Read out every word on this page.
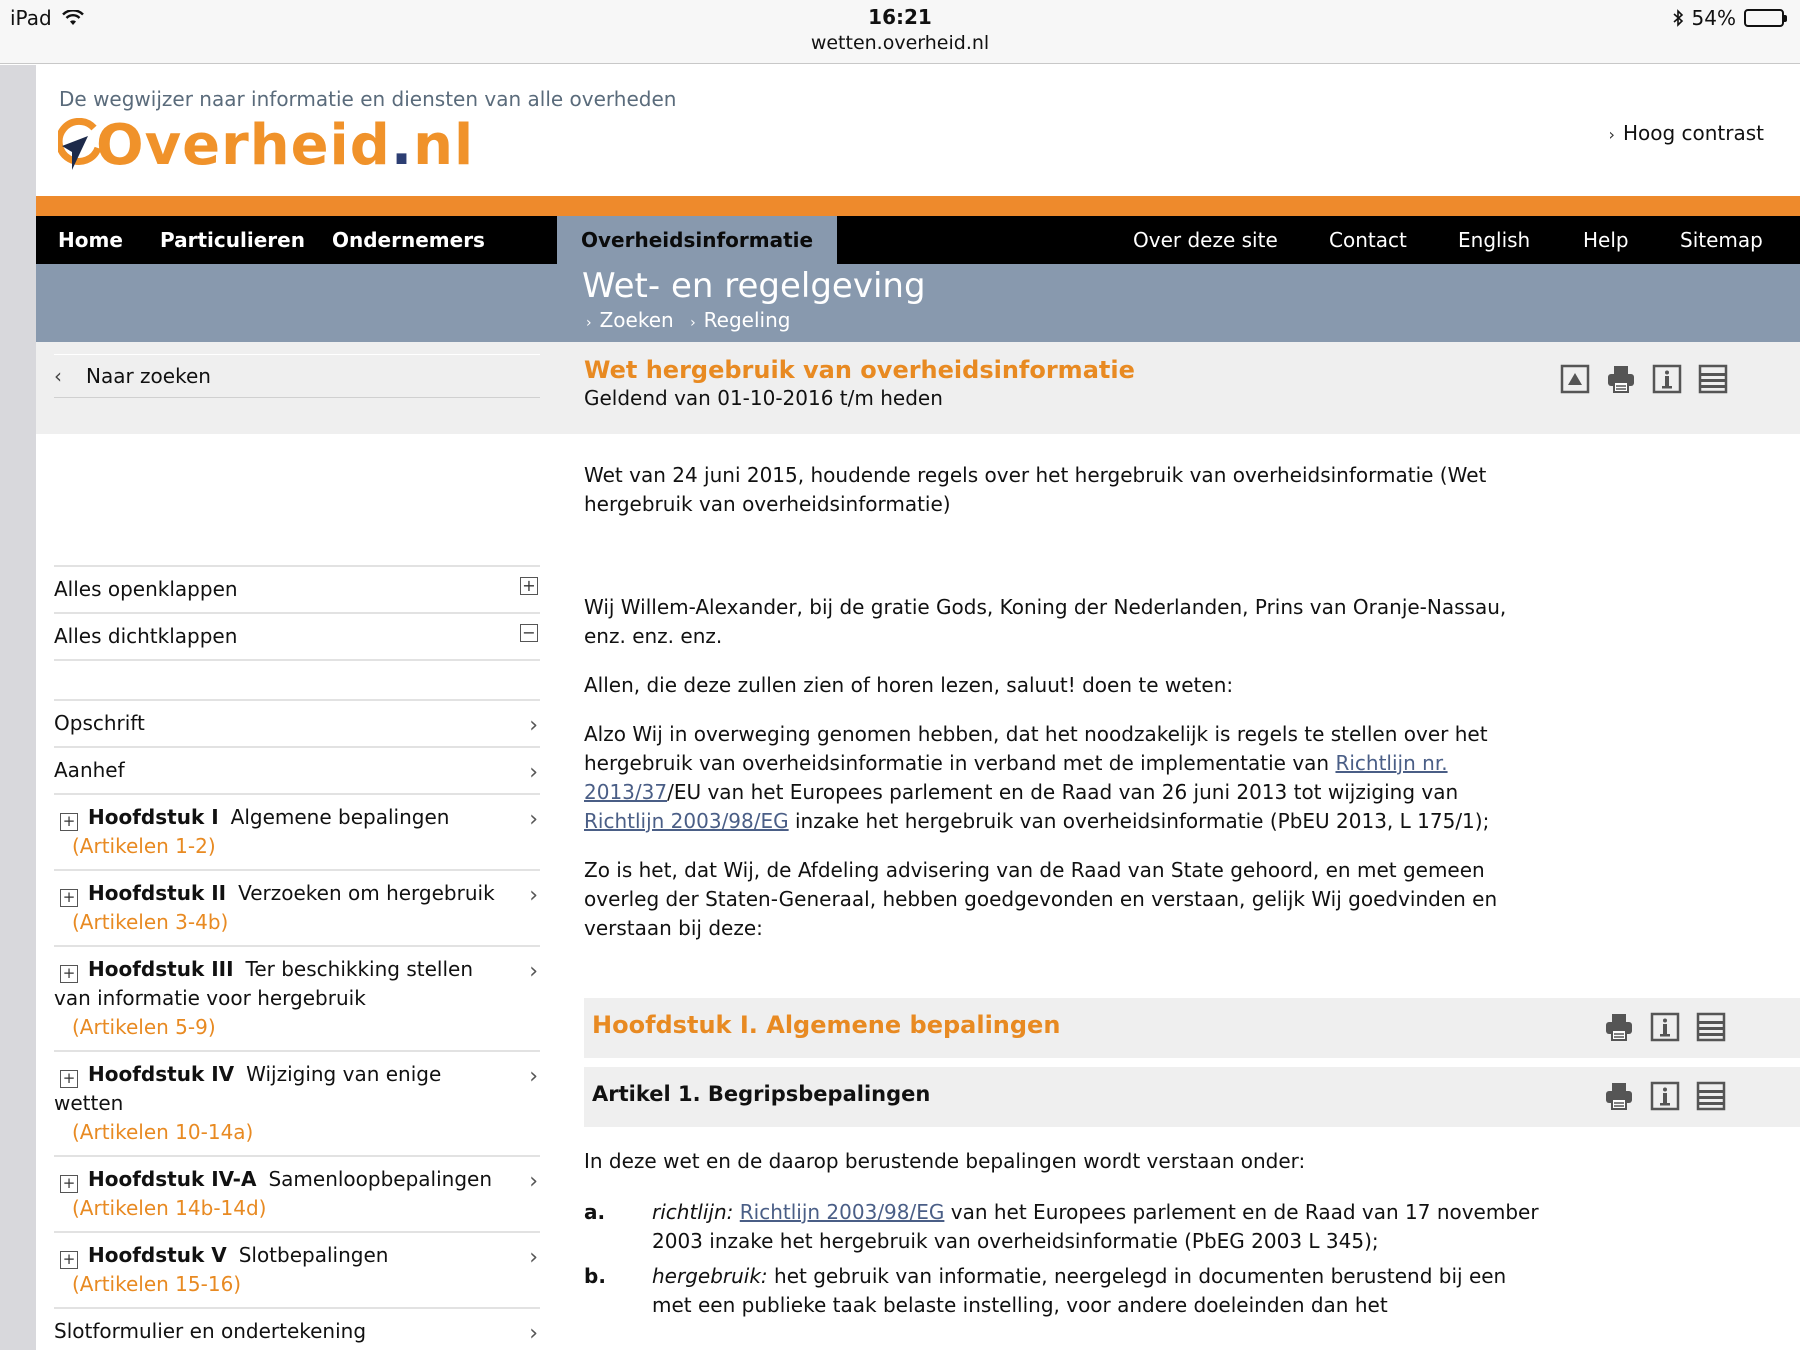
iPad	16:21
wetten.overheid.nl
54%
De wegwijzer naar informatie en diensten van alle overheden
Overheid.nl	› Hoog contrast
Home Particulieren Ondernemers	Overheidsinformatie	Over deze site	Contact	English	Help	Sitemap
Wet- en regelgeving
› Zoeken › Regeling
‹ Naar zoeken	Wet hergebruik van overheidsinformatie
Geldend van 01-10-2016 t/m heden
Alles openklappen	+
Alles dichtklappen	−
Opschrift	›
Aanhef	›
+ Hoofdstuk I Algemene bepalingen
(Artikelen 1-2)
›
+ Hoofdstuk II Verzoeken om hergebruik
(Artikelen 3-4b)
›
+ Hoofdstuk III Ter beschikking stellen van informatie voor hergebruik
(Artikelen 5-9)
›
+ Hoofdstuk IV Wijziging van enige wetten
(Artikelen 10-14a)
›
+ Hoofdstuk IV-A Samenloopbepalingen
(Artikelen 14b-14d)
›
+ Hoofdstuk V Slotbepalingen
(Artikelen 15-16)
›
Slotformulier en ondertekening	›

Wet van 24 juni 2015, houdende regels over het hergebruik van overheidsinformatie (Wet hergebruik van overheidsinformatie)

Wij Willem-Alexander, bij de gratie Gods, Koning der Nederlanden, Prins van Oranje-Nassau, enz. enz. enz.

Allen, die deze zullen zien of horen lezen, saluut! doen te weten:

Alzo Wij in overweging genomen hebben, dat het noodzakelijk is regels te stellen over het hergebruik van overheidsinformatie in verband met de implementatie van Richtlijn nr. 2013/37/EU van het Europees parlement en de Raad van 26 juni 2013 tot wijziging van Richtlijn 2003/98/EG inzake het hergebruik van overheidsinformatie (PbEU 2013, L 175/1);

Zo is het, dat Wij, de Afdeling advisering van de Raad van State gehoord, en met gemeen overleg der Staten-Generaal, hebben goedgevonden en verstaan, gelijk Wij goedvinden en verstaan bij deze:

Hoofdstuk I. Algemene bepalingen
Artikel 1. Begripsbepalingen

In deze wet en de daarop berustende bepalingen wordt verstaan onder:

a.	richtlijn: Richtlijn 2003/98/EG van het Europees parlement en de Raad van 17 november 2003 inzake het hergebruik van overheidsinformatie (PbEG 2003 L 345);
b.	hergebruik: het gebruik van informatie, neergelegd in documenten berustend bij een met een publieke taak belaste instelling, voor andere doeleinden dan het
